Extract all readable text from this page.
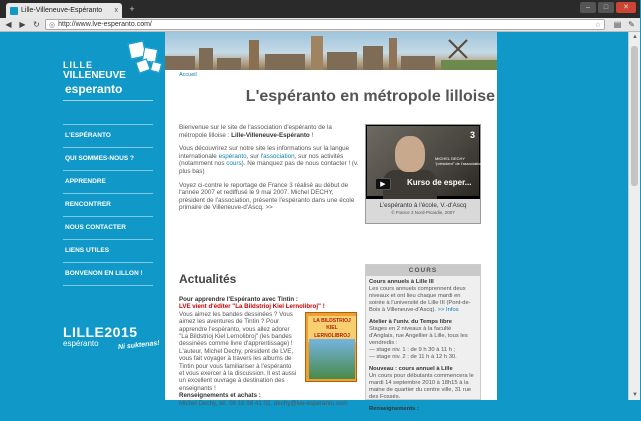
Lille-Villeneuve-Espéranto	x	+	–	□	✕
◀ ▶ ↻	◎ http://www.lve-esperanto.com/	☆ ▤ ✎
LILLE
VILLENEUVE
esperanto
L'ESPÉRANTO
QUI SOMMES-NOUS ?
APPRENDRE
RENCONTRER
NOUS CONTACTER
LIENS UTILES
BONVENON EN LILLON !
LILLE2015
espéranto	Ni suktenas!
Accueil
L'espéranto en métropole lilloise

Bienvenue sur le site de l'association d'espéranto de la métropole lilloise : Lille-Villeneuve-Espéranto !

Vous découvrirez sur notre site les informations sur la langue internationale espéranto, sur l'association, sur nos activités (notamment nos cours). Ne manquez pas de nous contacter ! (v. plus bas)

Voyez ci-contre le reportage de France 3 réalisé au début de l'année 2007 et rediffusé le 9 mai 2007. Michel DECHY, président de l'association, présente l'espéranto dans une école primaire de Villeneuve-d'Ascq. >>

3
MICHEL DECHY
"président" de l'association
Kurso de esper...
▶
L'espéranto à l'école, V.-d'Ascq
© France 3 Nord-Picardie, 2007
Actualités
Pour apprendre l'Espéranto avec Tintin :
LVE vient d'éditer "La Bildstrioj Kiel Lernolibroj" !
Vous aimez les bandes dessinées ? Vous aimez les aventures de Tintin ? Pour apprendre l'espéranto, vous allez adorer "La Bildstrioj Kiel Lernolibroj" (les bandes dessinées comme livre d'apprentissage) ! L'auteur, Michel Dechy, président de LVE, vous fait voyager à travers les albums de Tintin pour vous familiariser à l'espéranto et vous exercer à la discussion. Il est aussi un excellent ouvrage à destination des enseignants !
Renseignements et achats :
Michel Dechy, tél. 06 16 98 41 02, dechy@lve-esperanto.com
LA BILDSTRIOJ KIEL LERNOLIBROJ
COURS

Cours annuels à Lille III
Les cours annuels comprennent deux niveaux et ont lieu chaque mardi en soirée à l'université de Lille III (Pont-de-Bois à Villeneuve-d'Ascq). >> Infos

Atelier à l'univ. du Temps libre
Stages en 2 niveaux à la faculté d'Anglais, rue Angellier à Lille, tous les vendredis :
— stage niv. 1 : de 9 h 30 à 11 h ;
— stage niv. 2 : de 11 h à 12 h 30.

Nouveau : cours annuel à Lille
Un cours pour débutants commencera le mardi 14 septembre 2010 à 18h15 à la maine de quartier du centre ville, 31 rue des Fossés.

Renseignements :

▲
▼
